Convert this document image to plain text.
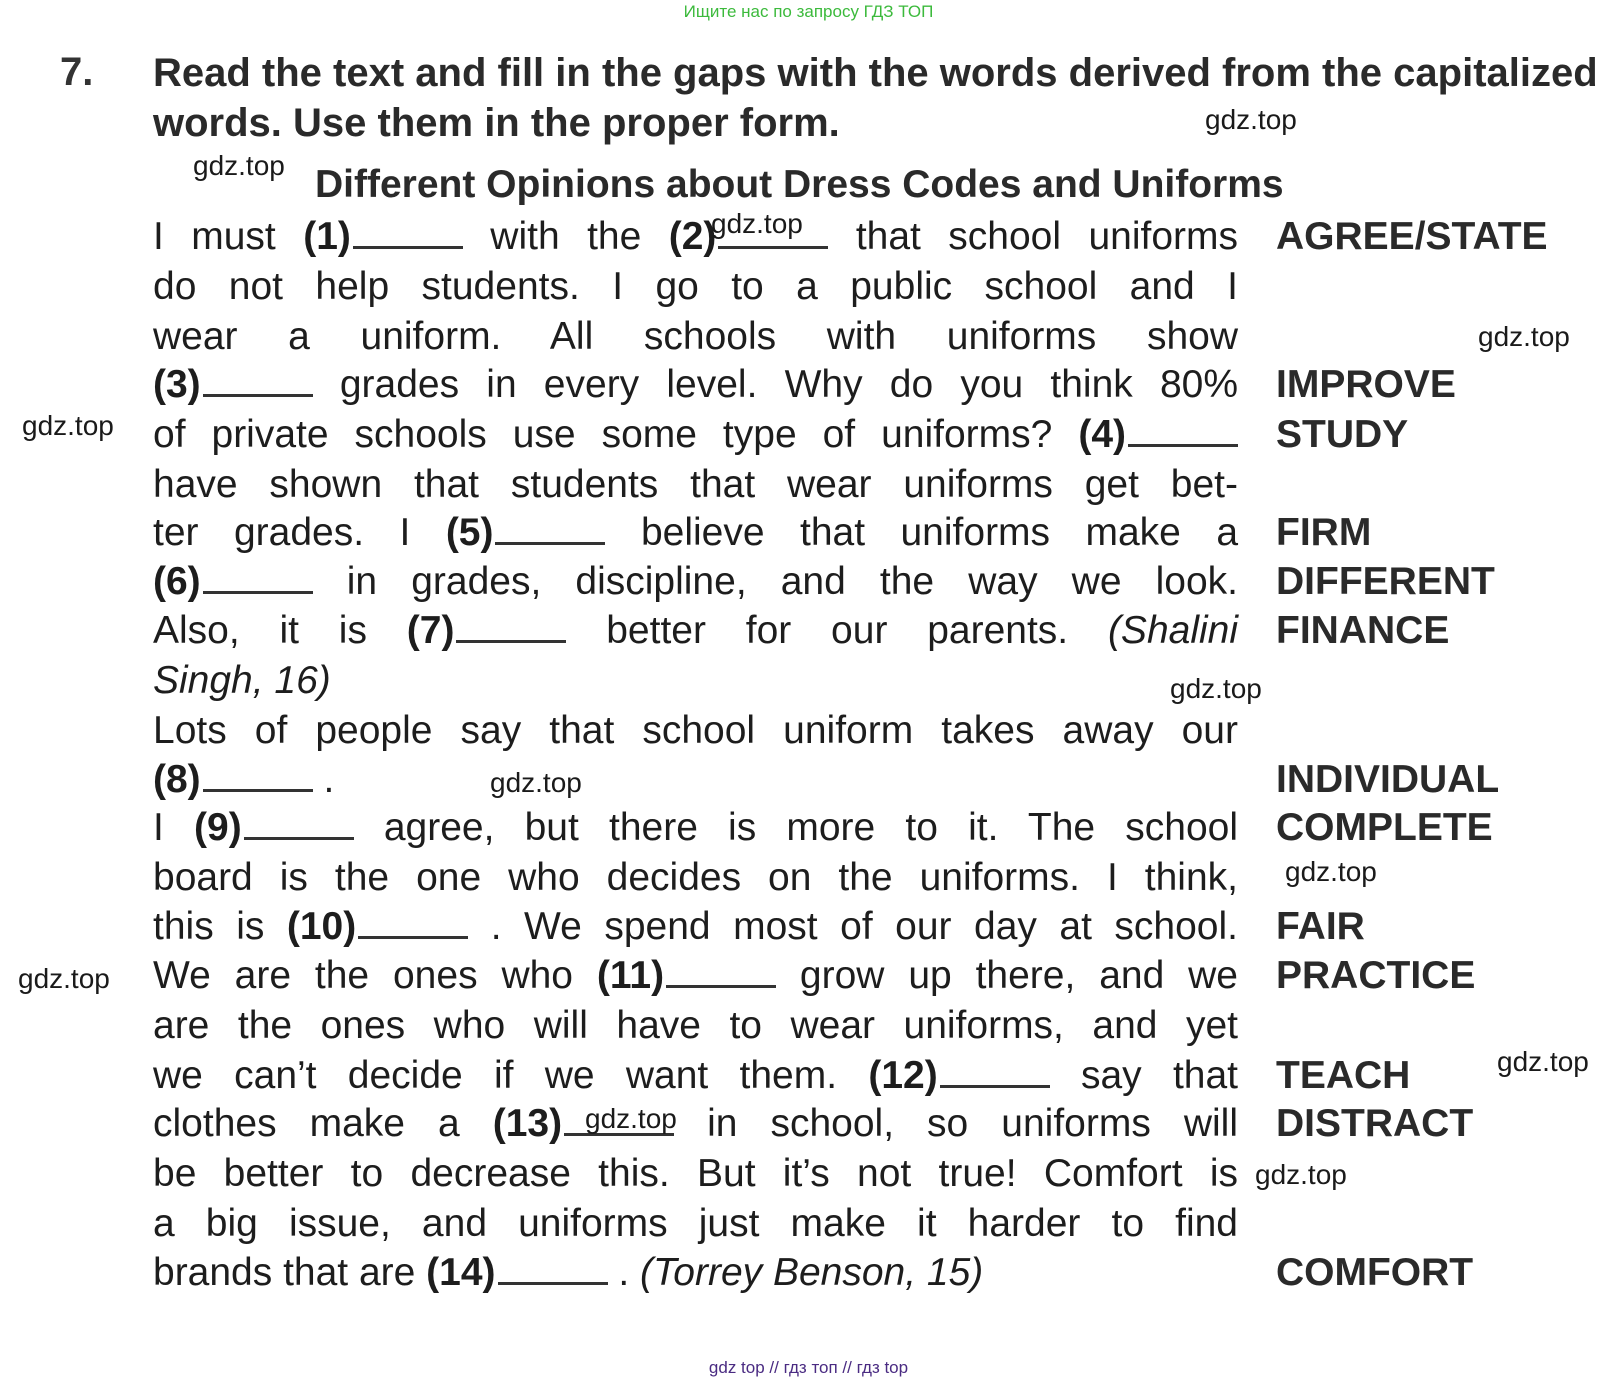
Ищите нас по запросу ГДЗ ТОП
7. Read the text and fill in the gaps with the words derived from the capitalized words. Use them in the proper form.

Different Opinions about Dress Codes and Uniforms
I must (1)	with the (2)	that school uniforms
do not help students. I go to a public school and I
wear a uniform. All schools with uniforms show
(3)	grades in every level. Why do you think 80%
of private schools use some type of uniforms? (4)
have shown that students that wear uniforms get bet-
ter grades. I (5)	believe that uniforms make a
(6)	in grades, discipline, and the way we look.
Also, it is (7)	better for our parents. (Shalini
Singh, 16)
Lots of people say that school uniform takes away our
(8)	.
I (9)	agree, but there is more to it. The school
board is the one who decides on the uniforms. I think,
this is (10)	. We spend most of our day at school.
We are the ones who (11)	grow up there, and we
are the ones who will have to wear uniforms, and yet
we can’t decide if we want them. (12)	say that
clothes make a (13)	in school, so uniforms will
be better to decrease this. But it’s not true! Comfort is
a big issue, and uniforms just make it harder to find
brands that are (14)	. (Torrey Benson, 15)
AGREE/STATE
IMPROVE
STUDY
FIRM
DIFFERENT
FINANCE
INDIVIDUAL
COMPLETE
FAIR
PRACTICE
TEACH
DISTRACT
COMFORT
gdz.top
gdz.top
gdz.top
gdz.top
gdz.top
gdz.top
gdz.top
gdz.top
gdz.top
gdz.top
gdz.top
gdz.top
gdz top // гдз топ // гдз top
